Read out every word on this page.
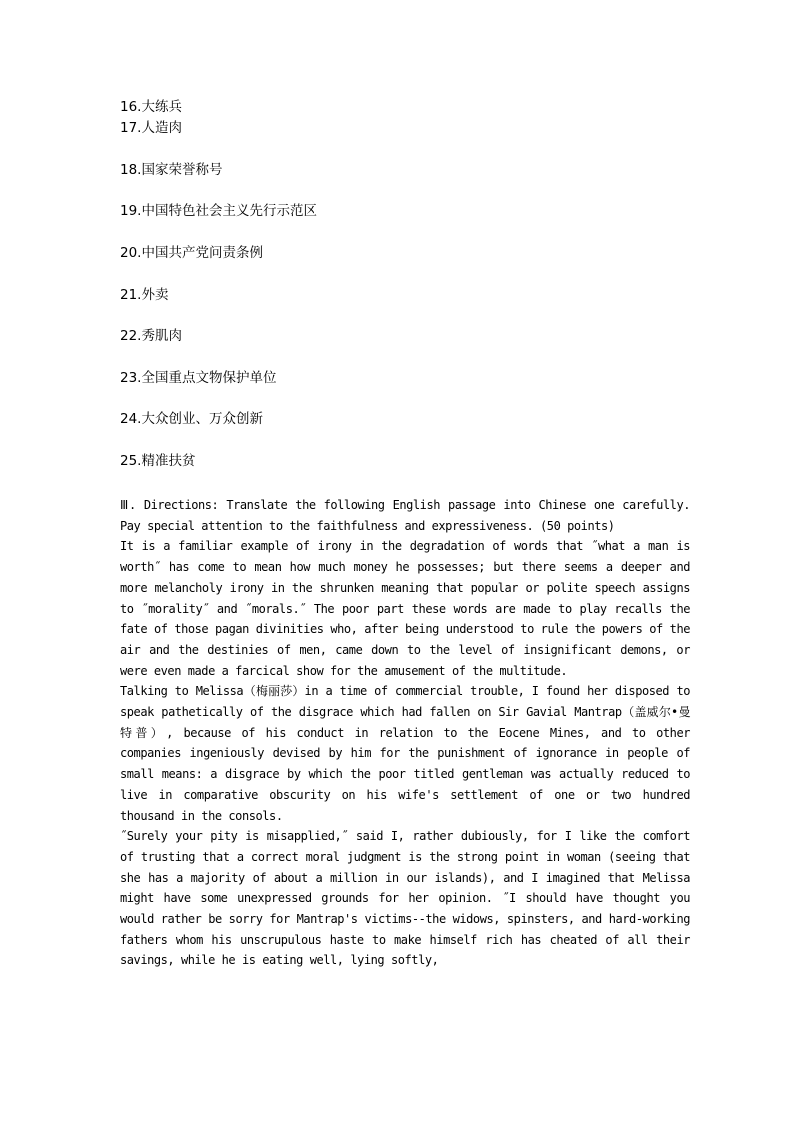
16.大练兵
17.人造肉
18.国家荣誉称号
19.中国特色社会主义先行示范区
20.中国共产党问责条例
21.外卖
22.秀肌肉
23.全国重点文物保护单位
24.大众创业、万众创新
25.精准扶贫

Ⅲ. Directions: Translate the following English passage into Chinese one carefully. Pay special attention to the faithfulness and expressiveness. (50 points)

It is a familiar example of irony in the degradation of words that ˝what a man is worth˝ has come to mean how much money he possesses; but there seems a deeper and more melancholy irony in the shrunken meaning that popular or polite speech assigns to ˝morality˝ and ˝morals.˝ The poor part these words are made to play recalls the fate of those pagan divinities who, after being understood to rule the powers of the air and the destinies of men, came down to the level of insignificant demons, or were even made a farcical show for the amusement of the multitude.

Talking to Melissa（梅丽莎）in a time of commercial trouble, I found her disposed to speak pathetically of the disgrace which had fallen on Sir Gavial Mantrap（盖威尔•曼特普）, because of his conduct in relation to the Eocene Mines, and to other companies ingeniously devised by him for the punishment of ignorance in people of small means: a disgrace by which the poor titled gentleman was actually reduced to live in comparative obscurity on his wife's settlement of one or two hundred thousand in the consols.

˝Surely your pity is misapplied,˝ said I, rather dubiously, for I like the comfort of trusting that a correct moral judgment is the strong point in woman (seeing that she has a majority of about a million in our islands), and I imagined that Melissa might have some unexpressed grounds for her opinion. ˝I should have thought you would rather be sorry for Mantrap's victims--the widows, spinsters, and hard-working fathers whom his unscrupulous haste to make himself rich has cheated of all their savings, while he is eating well, lying softly,
